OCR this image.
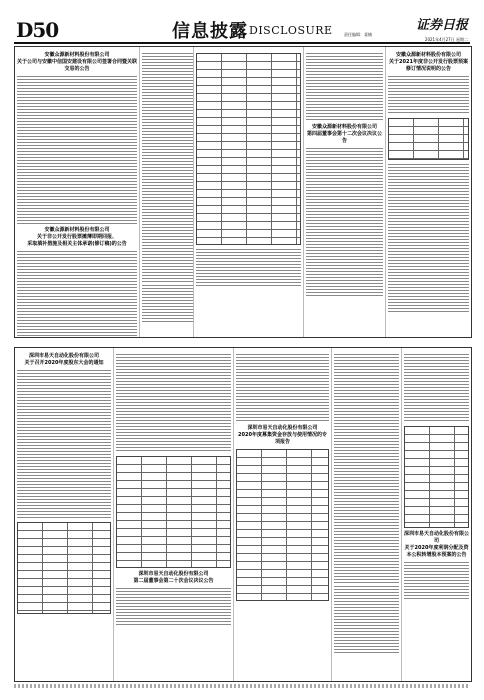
D50	信息披露 DISCLOSURE	证券日报
责任编辑：姜楠
2021年4月27日 星期二
安徽众源新材料股份有限公司
关于公司与安徽中信国安建设有限公司签署合同暨关联交易的公告
安徽众源新材料股份有限公司
关于非公开发行股票摊薄即期回报、
采取填补措施及相关主体承诺(修订稿)的公告
安徽众源新材料股份有限公司
第四届董事会第十二次会议决议公告
安徽众源新材料股份有限公司
关于2021年度非公开发行股票预案修订情况说明的公告
深圳市易天自动化股份有限公司
关于召开2020年度股东大会的通知
深圳市易天自动化股份有限公司
第二届董事会第二十次会议决议公告
深圳市易天自动化股份有限公司
2020年度募集资金存放与使用情况的专项报告
深圳市易天自动化股份有限公司
关于2020年度利润分配及资本公积转增股本预案的公告
